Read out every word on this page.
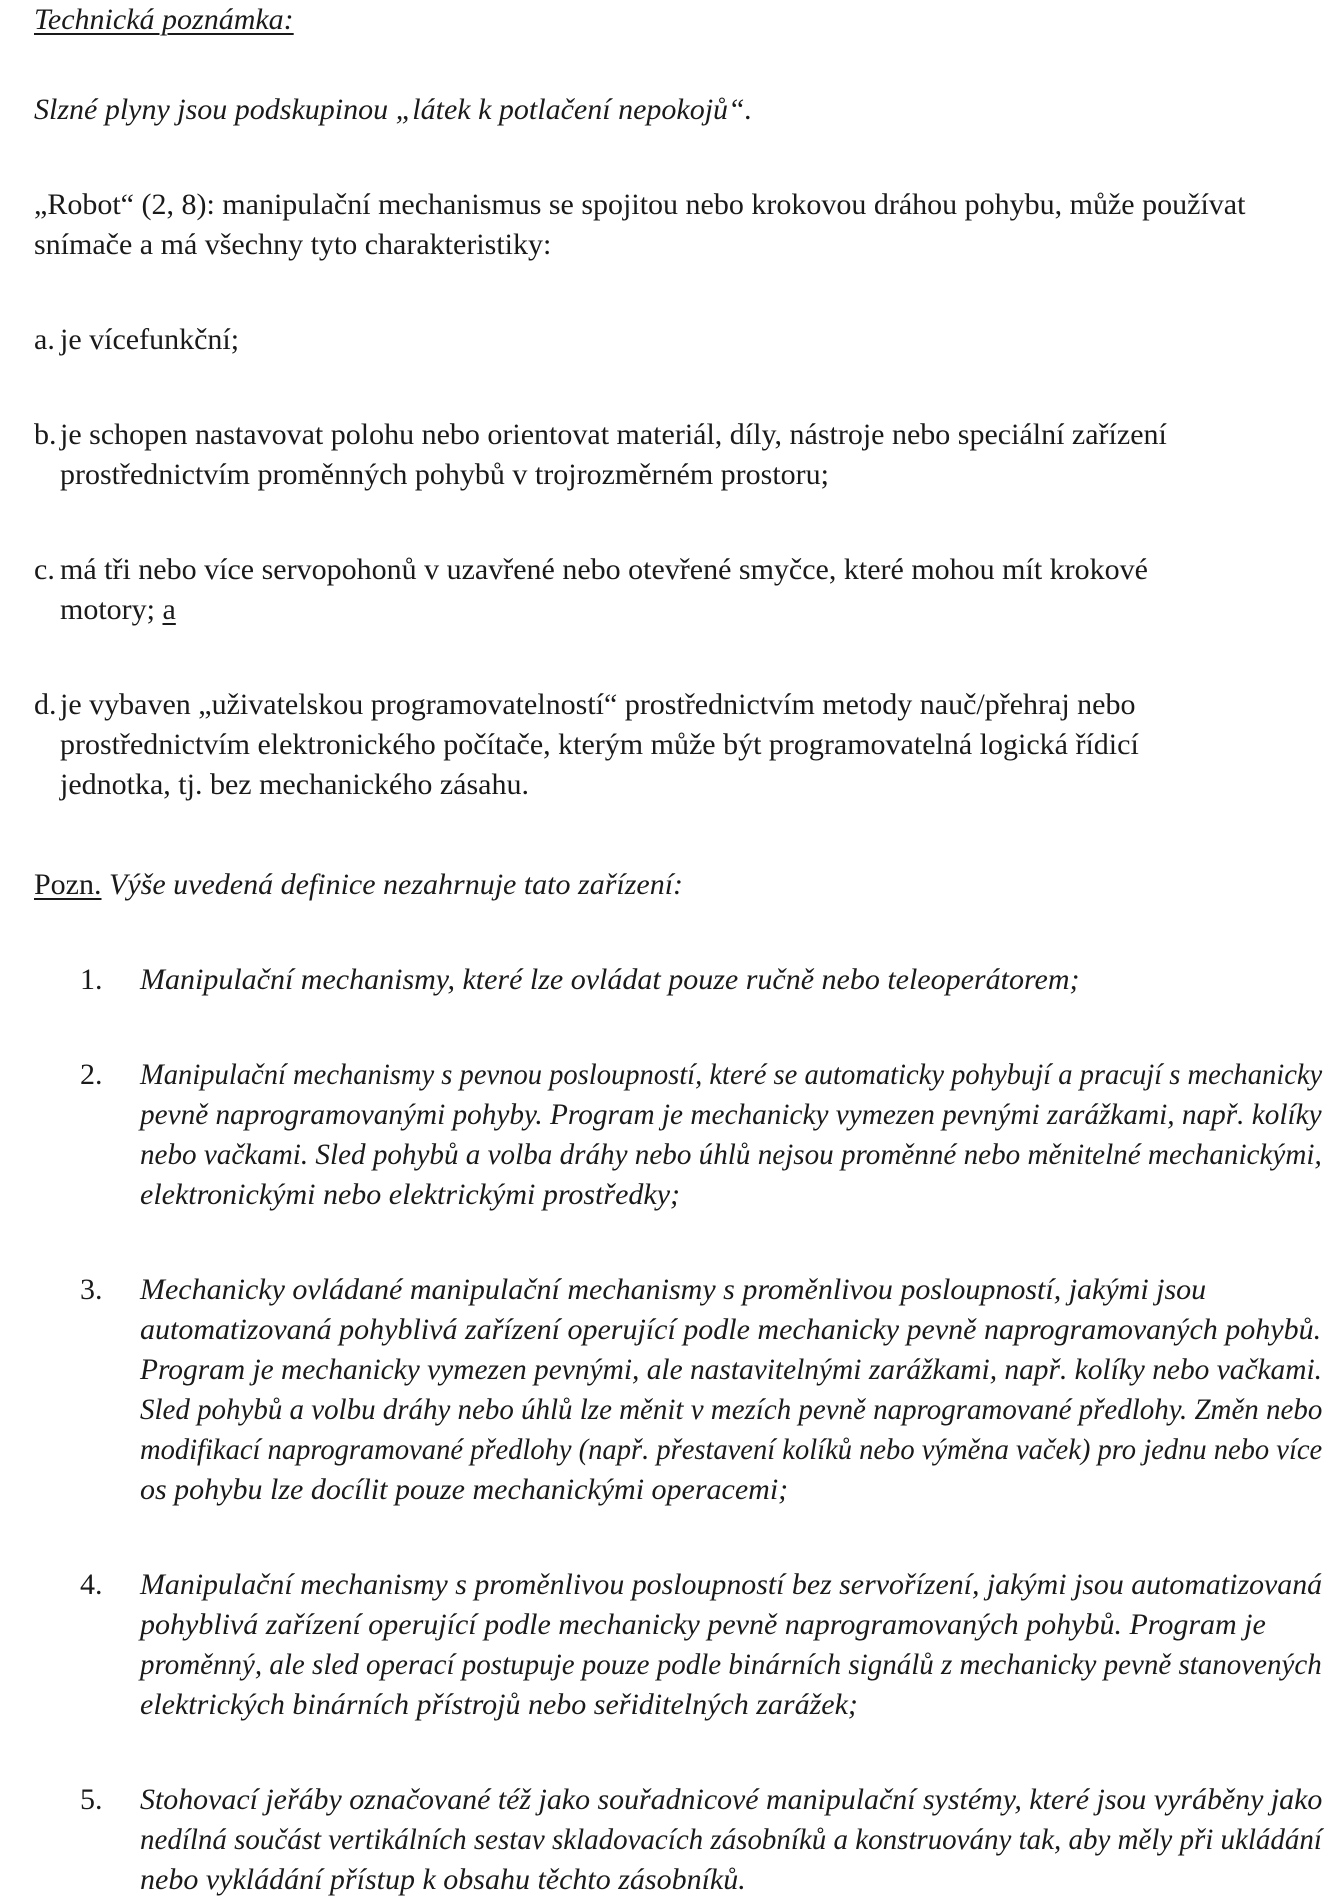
Technická poznámka:
Slzné plyny jsou podskupinou „látek k potlačení nepokojů“.
„Robot“ (2, 8): manipulační mechanismus se spojitou nebo krokovou dráhou pohybu, může používat
snímače a má všechny tyto charakteristiky:
a. je vícefunkční;
b. je schopen nastavovat polohu nebo orientovat materiál, díly, nástroje nebo speciální zařízení
prostřednictvím proměnných pohybů v trojrozměrném prostoru;
c. má tři nebo více servopohonů v uzavřené nebo otevřené smyčce, které mohou mít krokové
motory; a
d. je vybaven „uživatelskou programovatelností“ prostřednictvím metody nauč/přehraj nebo
prostřednictvím elektronického počítače, kterým může být programovatelná logická řídicí
jednotka, tj. bez mechanického zásahu.
Pozn. Výše uvedená definice nezahrnuje tato zařízení:
1. Manipulační mechanismy, které lze ovládat pouze ručně nebo teleoperátorem;
2. Manipulační mechanismy s pevnou posloupností, které se automaticky pohybují a pracují s mechanicky
pevně naprogramovanými pohyby. Program je mechanicky vymezen pevnými zarážkami, např. kolíky
nebo vačkami. Sled pohybů a volba dráhy nebo úhlů nejsou proměnné nebo měnitelné mechanickými,
elektronickými nebo elektrickými prostředky;
3. Mechanicky ovládané manipulační mechanismy s proměnlivou posloupností, jakými jsou
automatizovaná pohyblivá zařízení operující podle mechanicky pevně naprogramovaných pohybů.
Program je mechanicky vymezen pevnými, ale nastavitelnými zarážkami, např. kolíky nebo vačkami.
Sled pohybů a volbu dráhy nebo úhlů lze měnit v mezích pevně naprogramované předlohy. Změn nebo
modifikací naprogramované předlohy (např. přestavení kolíků nebo výměna vaček) pro jednu nebo více
os pohybu lze docílit pouze mechanickými operacemi;
4. Manipulační mechanismy s proměnlivou posloupností bez servořízení, jakými jsou automatizovaná
pohyblivá zařízení operující podle mechanicky pevně naprogramovaných pohybů. Program je
proměnný, ale sled operací postupuje pouze podle binárních signálů z mechanicky pevně stanovených
elektrických binárních přístrojů nebo seřiditelných zarážek;
5. Stohovací jeřáby označované též jako souřadnicové manipulační systémy, které jsou vyráběny jako
nedílná součást vertikálních sestav skladovacích zásobníků a konstruovány tak, aby měly při ukládání
nebo vykládání přístup k obsahu těchto zásobníků.
